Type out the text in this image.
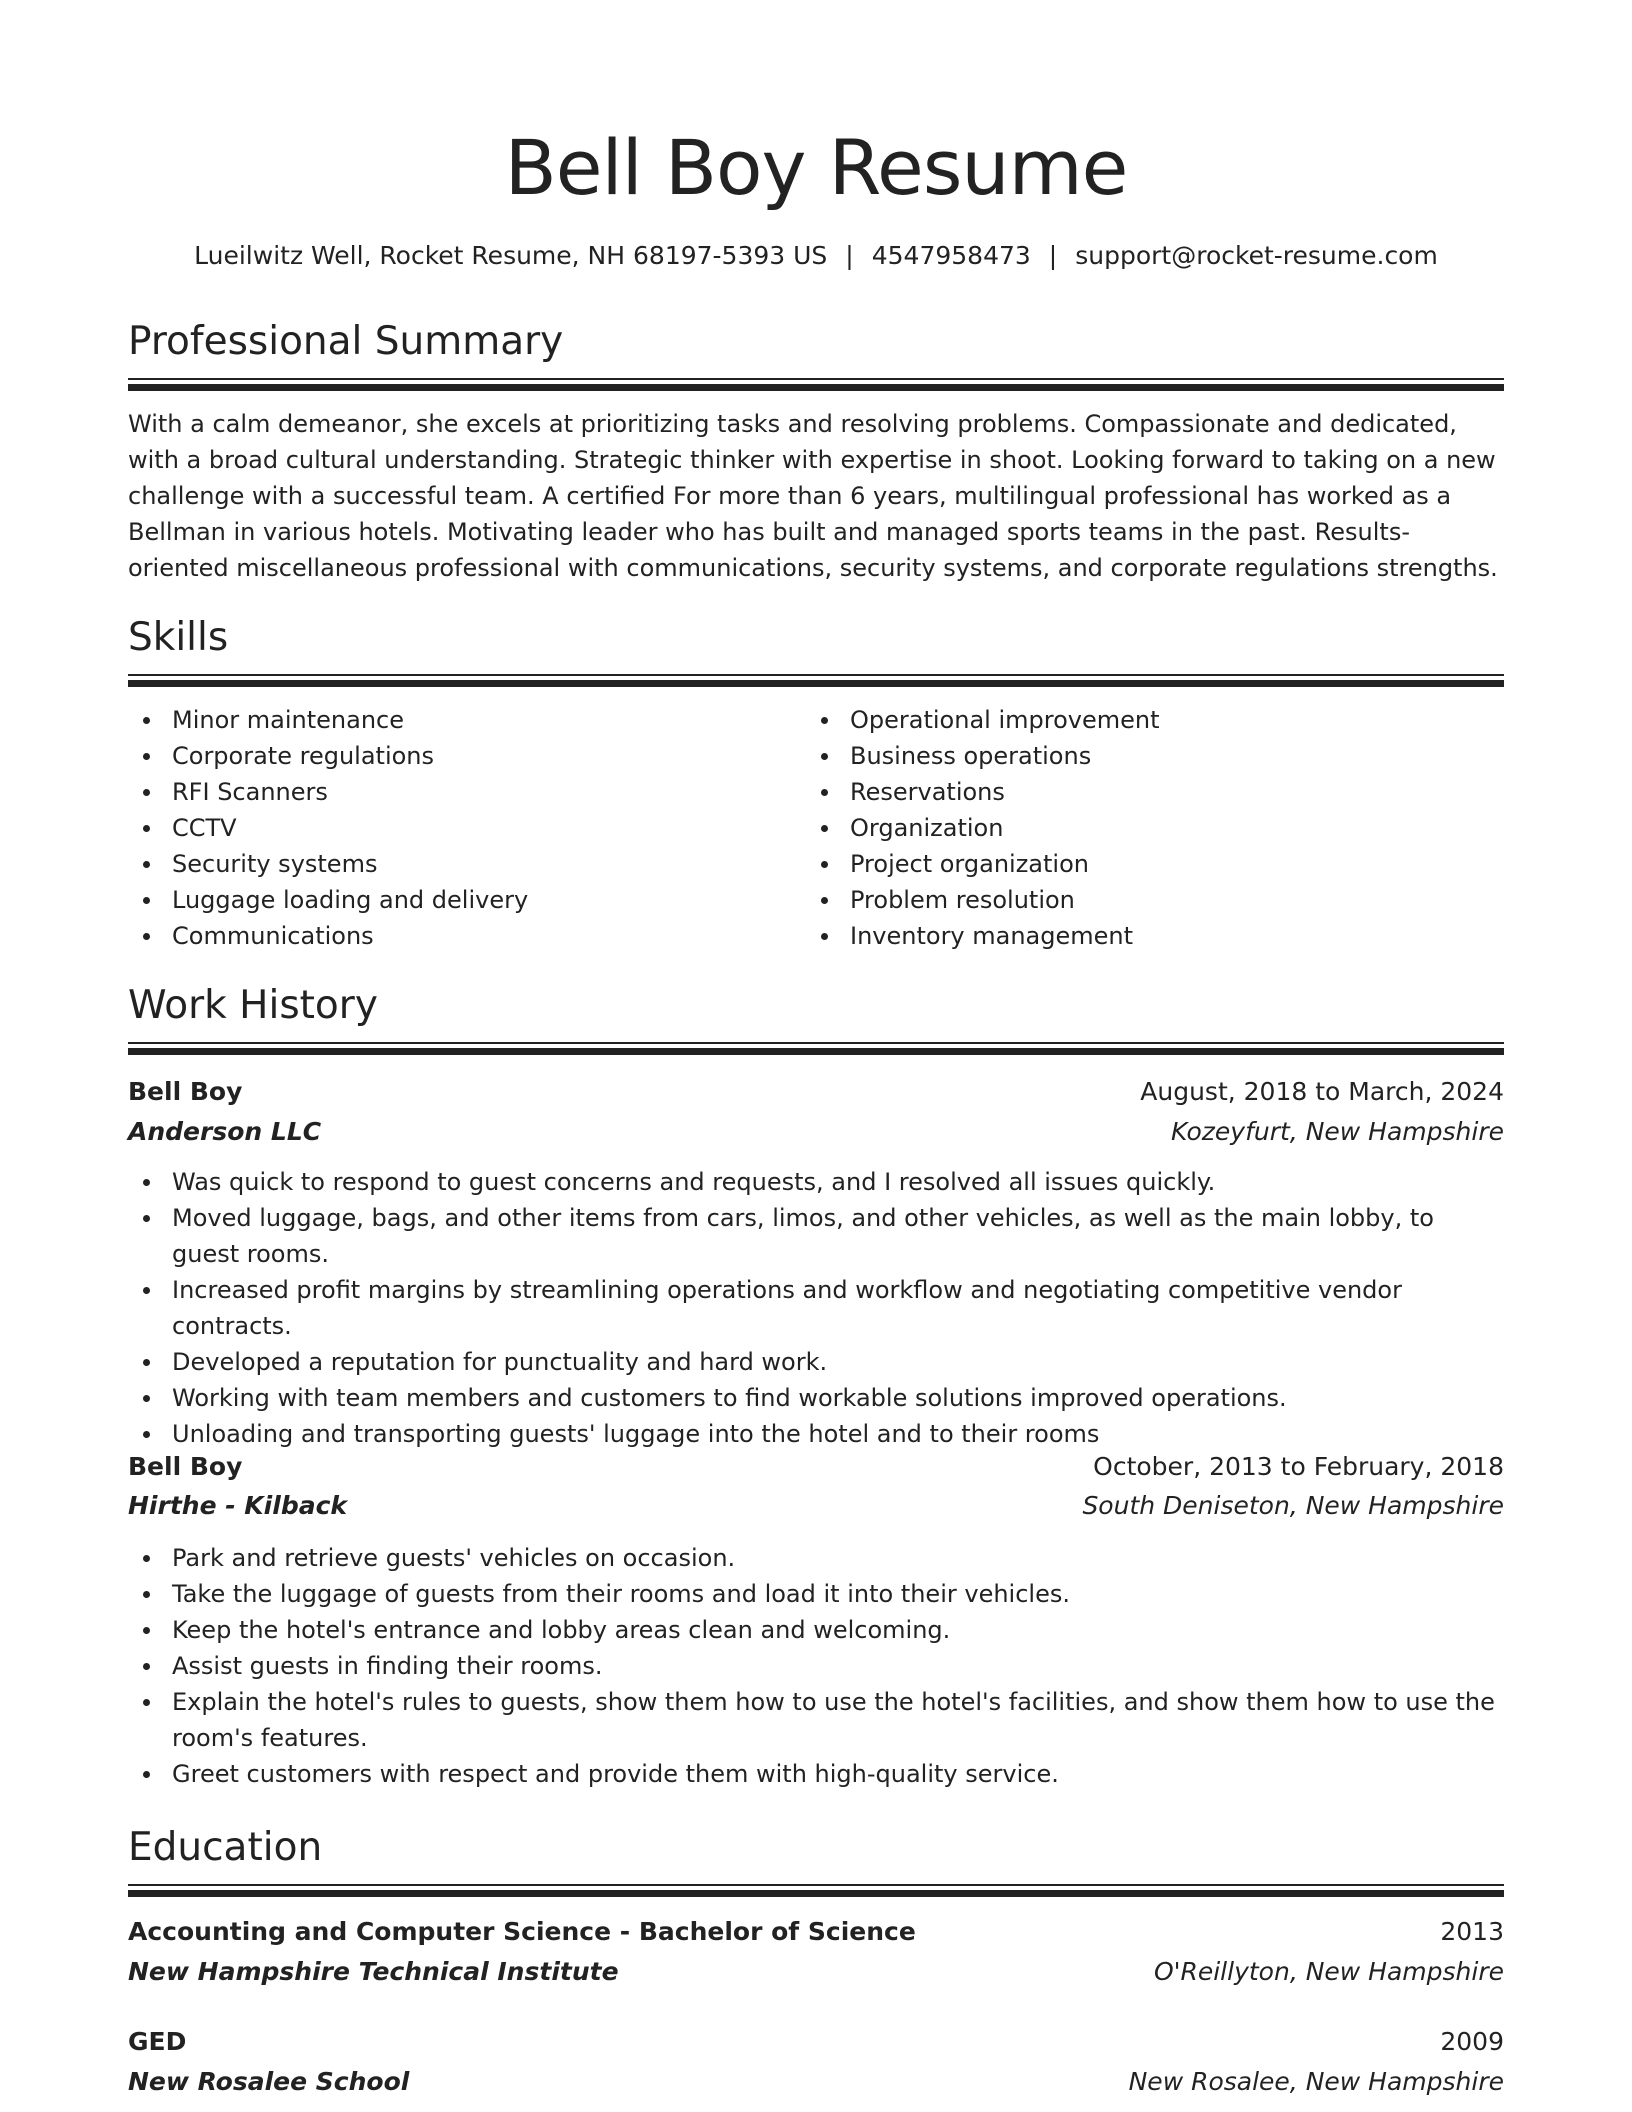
Bell Boy Resume

Lueilwitz Well, Rocket Resume, NH 68197-5393 US | 4547958473 | support@rocket-resume.com

Professional Summary

With a calm demeanor, she excels at prioritizing tasks and resolving problems. Compassionate and dedicated, with a broad cultural understanding. Strategic thinker with expertise in shoot. Looking forward to taking on a new challenge with a successful team. A certified For more than 6 years, multilingual professional has worked as a Bellman in various hotels. Motivating leader who has built and managed sports teams in the past. Results-oriented miscellaneous professional with communications, security systems, and corporate regulations strengths.

Skills
Minor maintenance
Corporate regulations
RFI Scanners
CCTV
Security systems
Luggage loading and delivery
Communications
Operational improvement
Business operations
Reservations
Organization
Project organization
Problem resolution
Inventory management
Work History
Bell Boy	August, 2018 to March, 2024
Anderson LLC	Kozeyfurt, New Hampshire
Was quick to respond to guest concerns and requests, and I resolved all issues quickly.
Moved luggage, bags, and other items from cars, limos, and other vehicles, as well as the main lobby, to guest rooms.
Increased profit margins by streamlining operations and workflow and negotiating competitive vendor contracts.
Developed a reputation for punctuality and hard work.
Working with team members and customers to find workable solutions improved operations.
Unloading and transporting guests' luggage into the hotel and to their rooms
Bell Boy	October, 2013 to February, 2018
Hirthe - Kilback	South Deniseton, New Hampshire
Park and retrieve guests' vehicles on occasion.
Take the luggage of guests from their rooms and load it into their vehicles.
Keep the hotel's entrance and lobby areas clean and welcoming.
Assist guests in finding their rooms.
Explain the hotel's rules to guests, show them how to use the hotel's facilities, and show them how to use the room's features.
Greet customers with respect and provide them with high-quality service.
Education
Accounting and Computer Science - Bachelor of Science	2013
New Hampshire Technical Institute	O'Reillyton, New Hampshire
GED	2009
New Rosalee School	New Rosalee, New Hampshire
